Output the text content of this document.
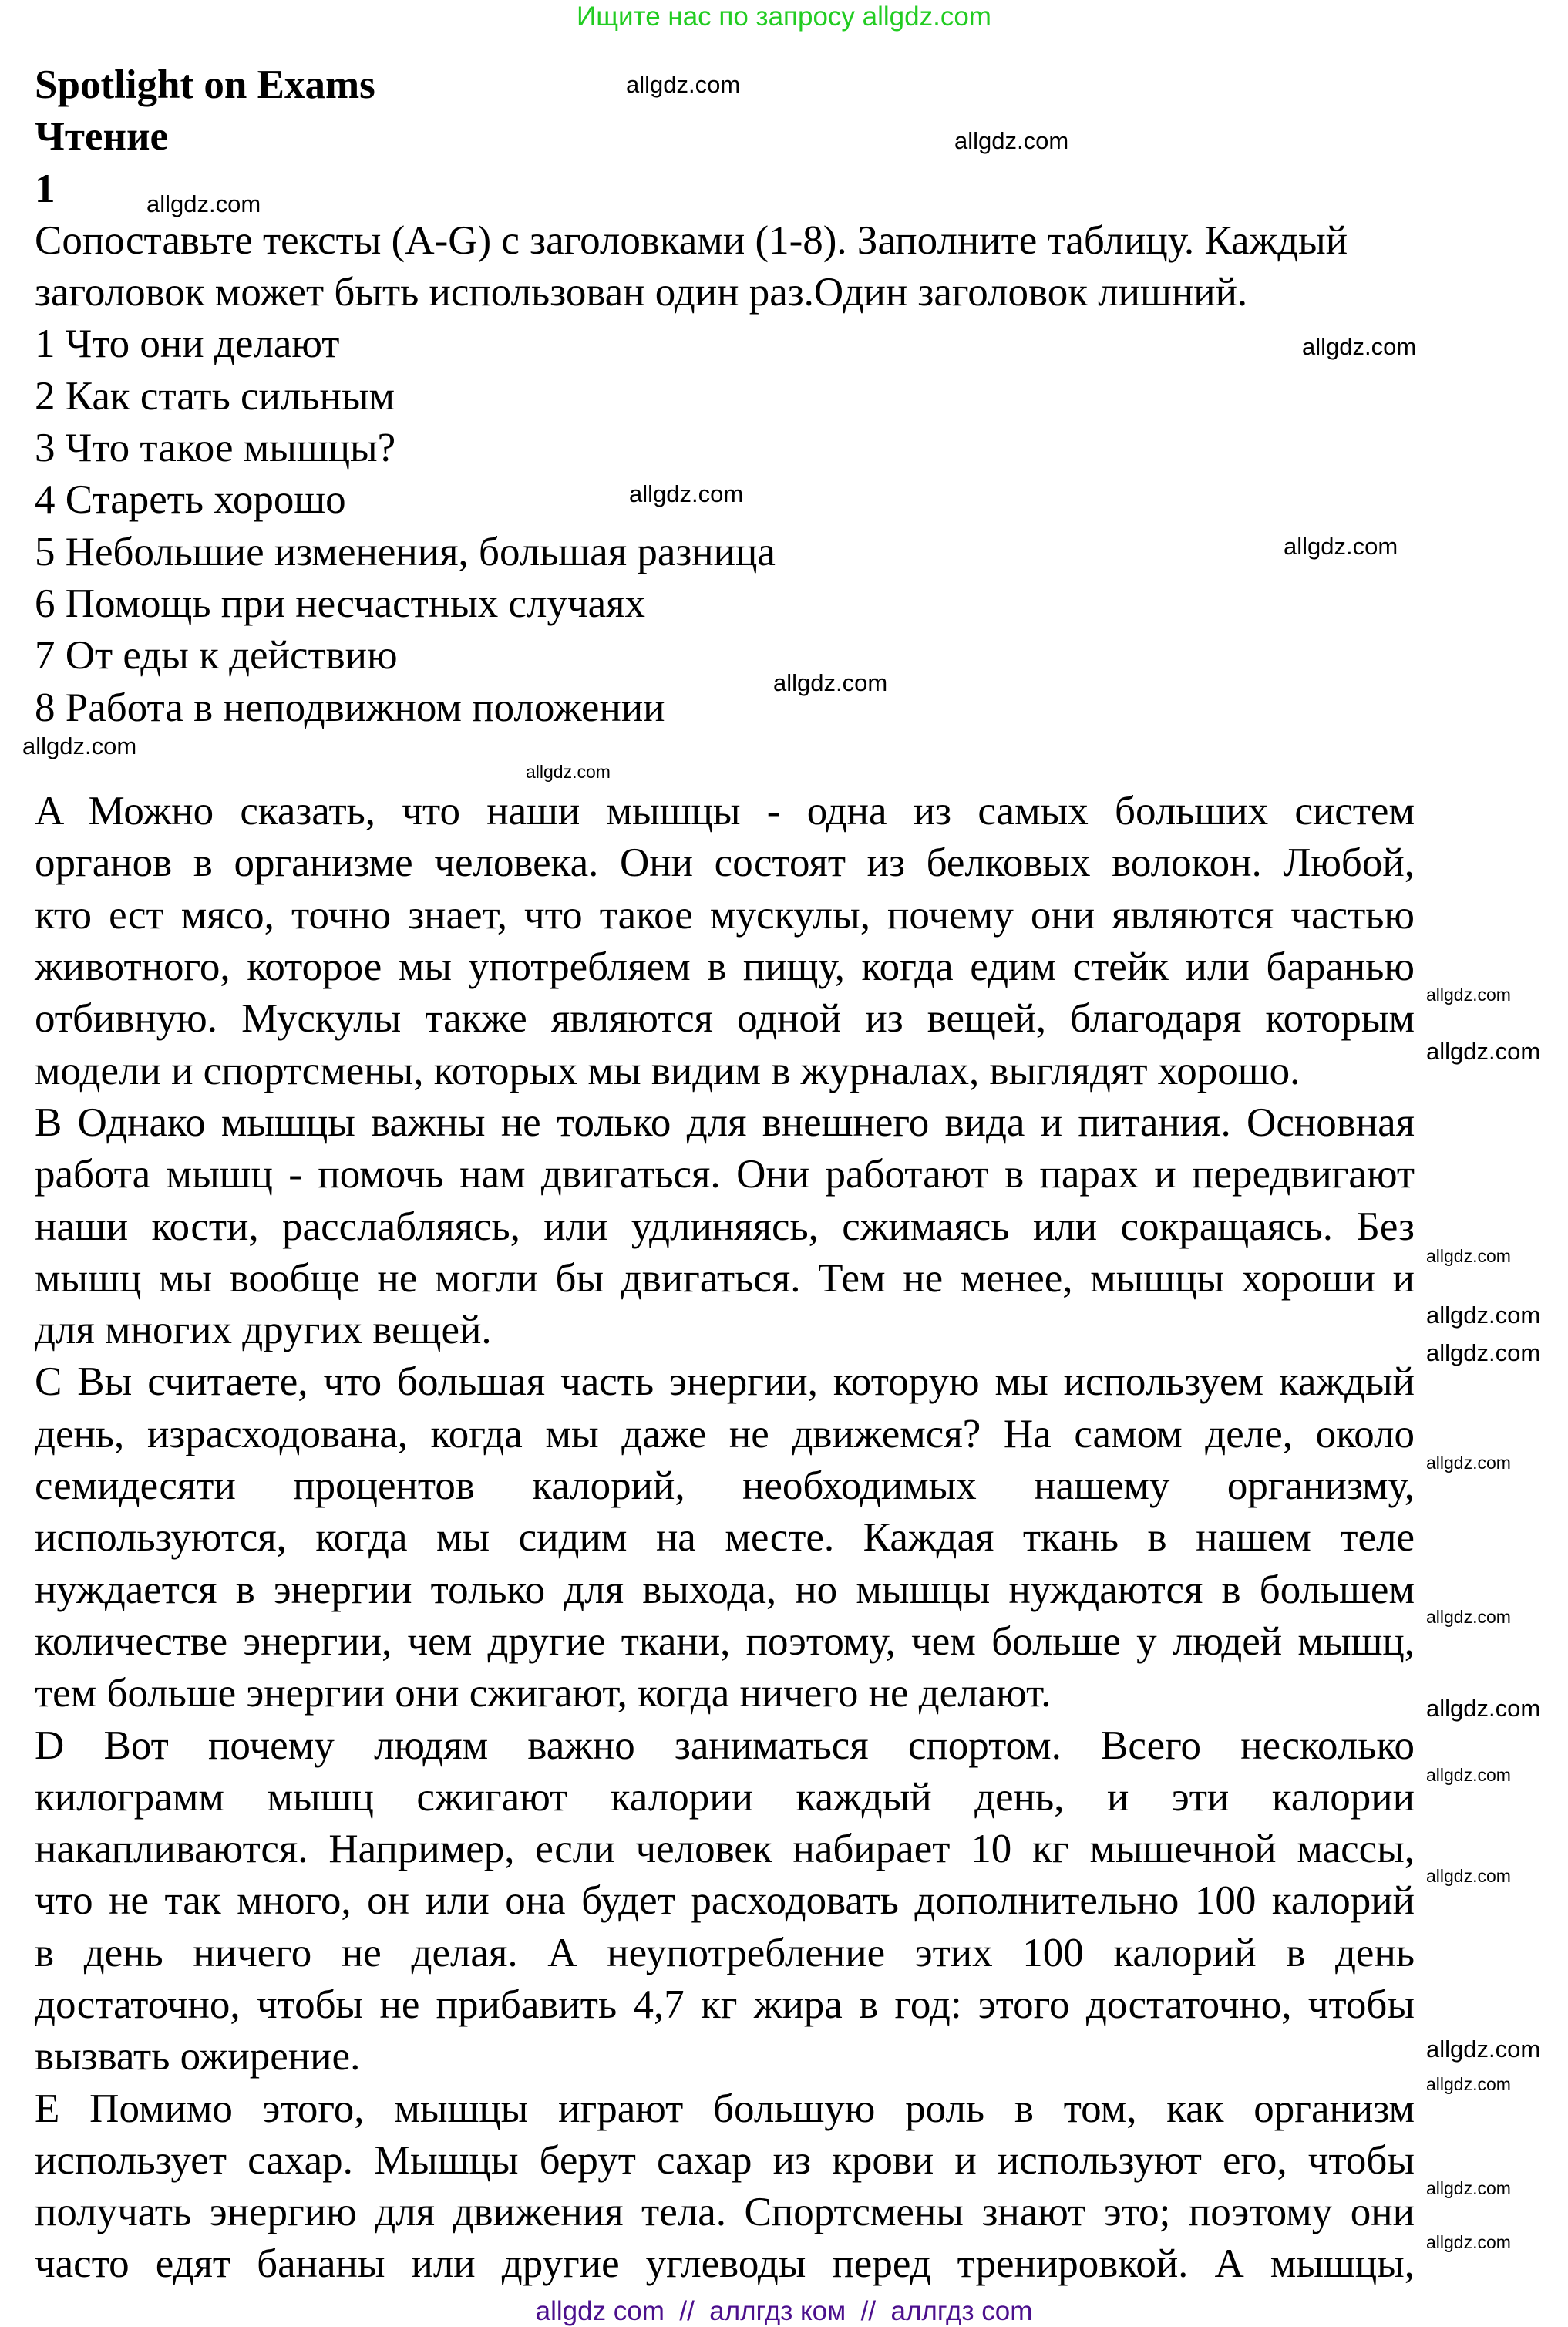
Ищите нас по запросу allgdz.com
Spotlight on Exams
Чтение
1
Сопоставьте тексты (A-G) с заголовками (1-8). Заполните таблицу. Каждый
заголовок может быть использован один раз.Один заголовок лишний.
1 Что они делают
2 Как стать сильным
3 Что такое мышцы?
4 Стареть хорошо
5 Небольшие изменения, большая разница
6 Помощь при несчастных случаях
7 От еды к действию
8 Работа в неподвижном положении
A Можно сказать, что наши мышцы - одна из самых больших систем
органов в организме человека. Они состоят из белковых волокон. Любой,
кто ест мясо, точно знает, что такое мускулы, почему они являются частью
животного, которое мы употребляем в пищу, когда едим стейк или баранью
отбивную. Мускулы также являются одной из вещей, благодаря которым
модели и спортсмены, которых мы видим в журналах, выглядят хорошо.
B Однако мышцы важны не только для внешнего вида и питания. Основная
работа мышц - помочь нам двигаться. Они работают в парах и передвигают
наши кости, расслабляясь, или удлиняясь, сжимаясь или сокращаясь. Без
мышц мы вообще не могли бы двигаться. Тем не менее, мышцы хороши и
для многих других вещей.
C Вы считаете, что большая часть энергии, которую мы используем каждый
день, израсходована, когда мы даже не движемся? На самом деле, около
семидесяти процентов калорий, необходимых нашему организму,
используются, когда мы сидим на месте. Каждая ткань в нашем теле
нуждается в энергии только для выхода, но мышцы нуждаются в большем
количестве энергии, чем другие ткани, поэтому, чем больше у людей мышц,
тем больше энергии они сжигают, когда ничего не делают.
D Вот почему людям важно заниматься спортом. Всего несколько
килограмм мышц сжигают калории каждый день, и эти калории
накапливаются. Например, если человек набирает 10 кг мышечной массы,
что не так много, он или она будет расходовать дополнительно 100 калорий
в день ничего не делая. А неупотребление этих 100 калорий в день
достаточно, чтобы не прибавить 4,7 кг жира в год: этого достаточно, чтобы
вызвать ожирение.
E Помимо этого, мышцы играют большую роль в том, как организм
использует сахар. Мышцы берут сахар из крови и используют его, чтобы
получать энергию для движения тела. Спортсмены знают это; поэтому они
часто едят бананы или другие углеводы перед тренировкой. А мышцы,
allgdz.com
allgdz.com
allgdz.com
allgdz.com
allgdz.com
allgdz.com
allgdz.com
allgdz.com
allgdz.com
allgdz.com
allgdz.com
allgdz.com
allgdz.com
allgdz.com
allgdz.com
allgdz.com
allgdz.com
allgdz.com
allgdz.com
allgdz.com
allgdz.com
allgdz.com
allgdz.com
allgdz com  //  аллгдз ком  //  аллгдз com
